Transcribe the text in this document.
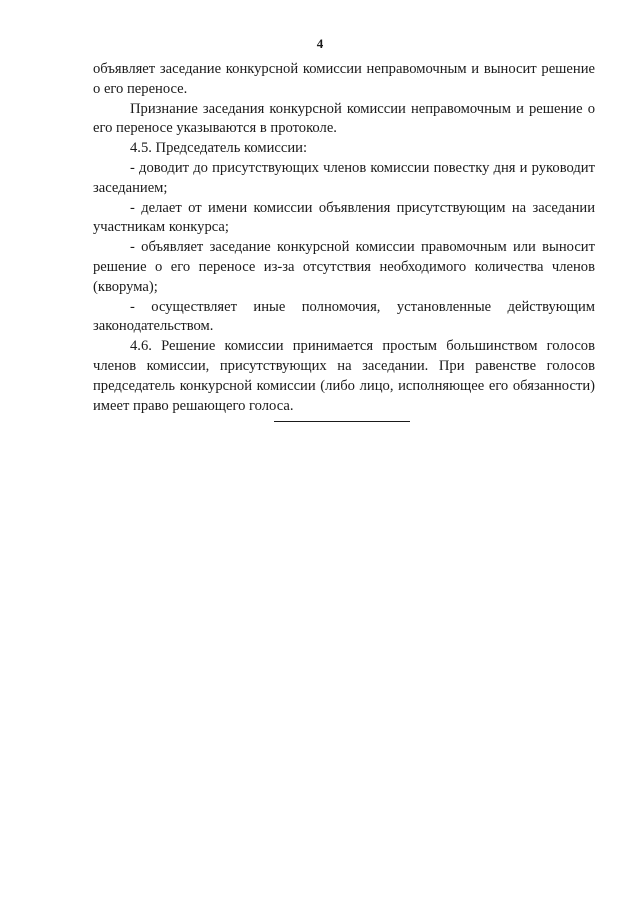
4

объявляет заседание конкурсной комиссии неправомочным и выносит решение о его переносе.

Признание заседания конкурсной комиссии неправомочным и решение о его переносе указываются в протоколе.

4.5. Председатель комиссии:

- доводит до присутствующих членов комиссии повестку дня и руководит заседанием;

- делает от имени комиссии объявления присутствующим на заседании участникам конкурса;

- объявляет заседание конкурсной комиссии правомочным или выносит решение о его переносе из-за отсутствия необходимого количества членов (кворума);

- осуществляет иные полномочия, установленные действующим законодательством.

4.6. Решение комиссии принимается простым большинством голосов членов комиссии, присутствующих на заседании. При равенстве голосов председатель конкурсной комиссии (либо лицо, исполняющее его обязанности) имеет право решающего голоса.
